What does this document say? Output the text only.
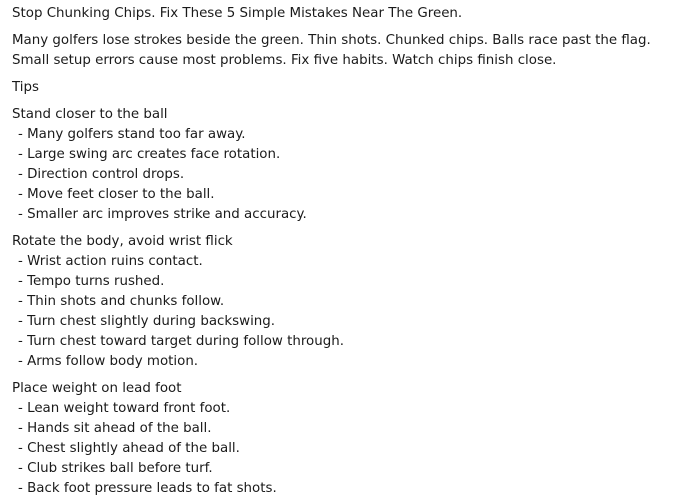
Stop Chunking Chips. Fix These 5 Simple Mistakes Near The Green.
Many golfers lose strokes beside the green. Thin shots. Chunked chips. Balls race past the flag.
Small setup errors cause most problems. Fix five habits. Watch chips finish close.
Tips
Stand closer to the ball
- Many golfers stand too far away.
- Large swing arc creates face rotation.
- Direction control drops.
- Move feet closer to the ball.
- Smaller arc improves strike and accuracy.
Rotate the body, avoid wrist flick
- Wrist action ruins contact.
- Tempo turns rushed.
- Thin shots and chunks follow.
- Turn chest slightly during backswing.
- Turn chest toward target during follow through.
- Arms follow body motion.
Place weight on lead foot
- Lean weight toward front foot.
- Hands sit ahead of the ball.
- Chest slightly ahead of the ball.
- Club strikes ball before turf.
- Back foot pressure leads to fat shots.
